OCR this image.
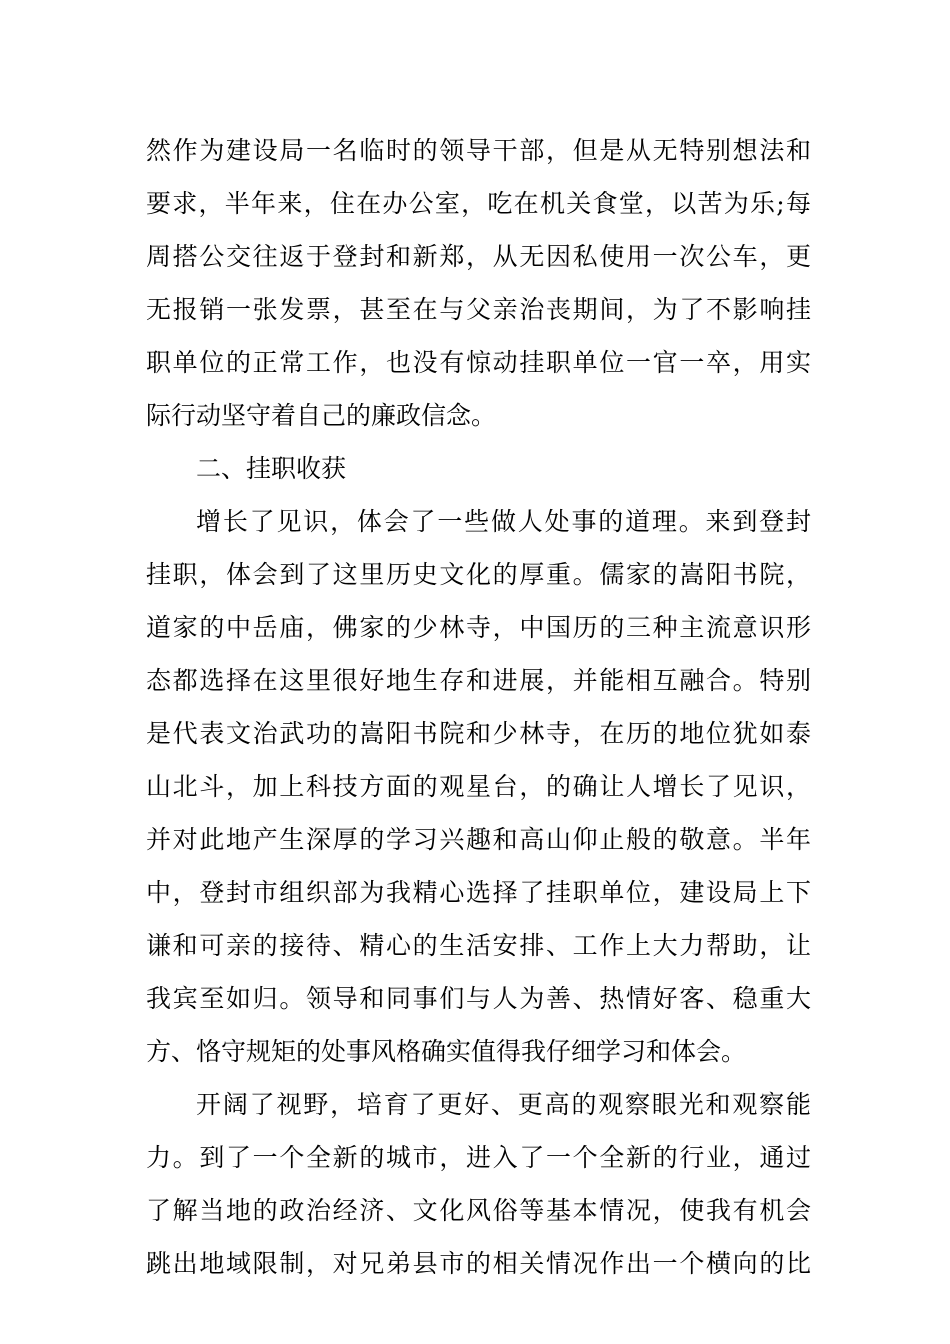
然作为建设局一名临时的领导干部，但是从无特别想法和
要求，半年来，住在办公室，吃在机关食堂，以苦为乐;每
周搭公交往返于登封和新郑，从无因私使用一次公车，更
无报销一张发票，甚至在与父亲治丧期间，为了不影响挂
职单位的正常工作，也没有惊动挂职单位一官一卒，用实
际行动坚守着自己的廉政信念。
二、挂职收获
增长了见识，体会了一些做人处事的道理。来到登封
挂职，体会到了这里历史文化的厚重。儒家的嵩阳书院，
道家的中岳庙，佛家的少林寺，中国历的三种主流意识形
态都选择在这里很好地生存和进展，并能相互融合。特别
是代表文治武功的嵩阳书院和少林寺，在历的地位犹如泰
山北斗，加上科技方面的观星台，的确让人增长了见识，
并对此地产生深厚的学习兴趣和高山仰止般的敬意。半年
中，登封市组织部为我精心选择了挂职单位，建设局上下
谦和可亲的接待、精心的生活安排、工作上大力帮助，让
我宾至如归。领导和同事们与人为善、热情好客、稳重大
方、恪守规矩的处事风格确实值得我仔细学习和体会。
开阔了视野，培育了更好、更高的观察眼光和观察能
力。到了一个全新的城市，进入了一个全新的行业，通过
了解当地的政治经济、文化风俗等基本情况，使我有机会
跳出地域限制，对兄弟县市的相关情况作出一个横向的比
